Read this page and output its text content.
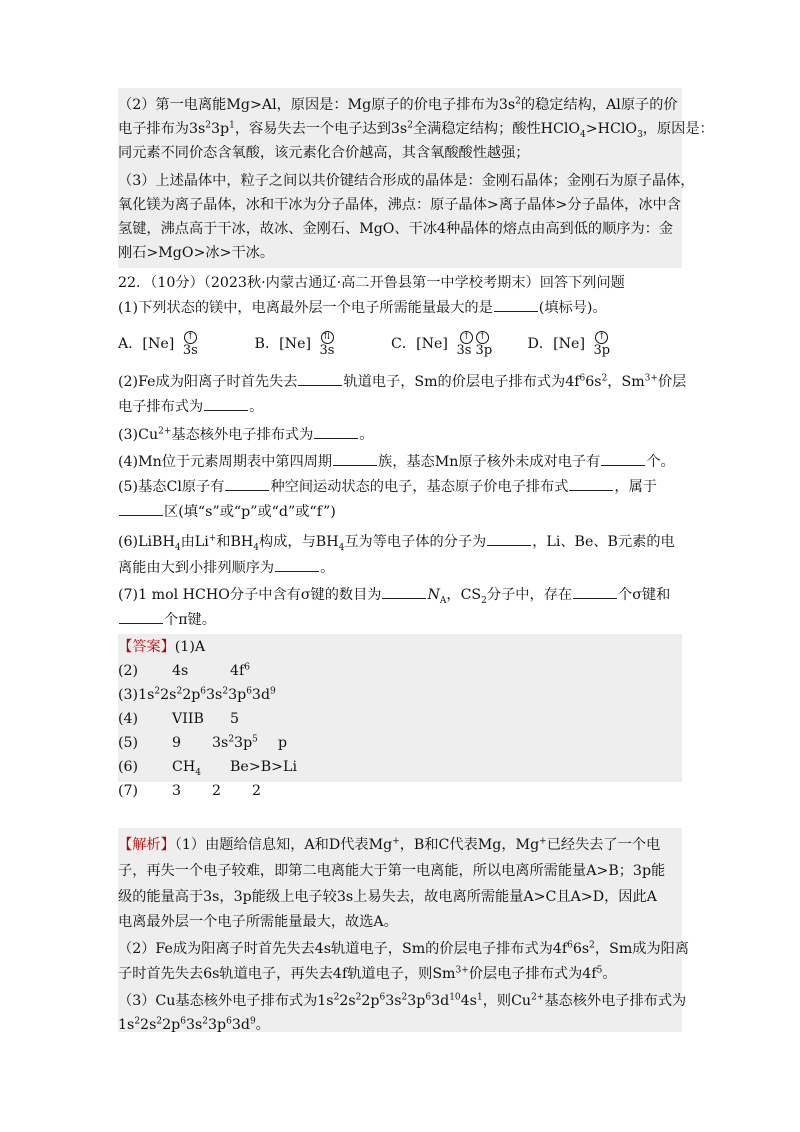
（2）第一电离能Mg>Al，原因是：Mg原子的价电子排布为$3s^2$的稳定结构，Al原子的价
电子排布为$3s^23p^1$，容易失去一个电子达到$3s^2$全满稳定结构；酸性HClO$_4$>HClO$_3$，原因是：
同元素不同价态含氧酸，该元素化合价越高，其含氧酸酸性越强；
（3）上述晶体中，粒子之间以共价键结合形成的晶体是：金刚石晶体；金刚石为原子晶体，
氧化镁为离子晶体，冰和干冰为分子晶体，沸点：原子晶体>离子晶体>分子晶体，冰中含
氢键，沸点高于干冰，故冰、金刚石、MgO、干冰4种晶体的熔点由高到低的顺序为：金
刚石>MgO>冰>干冰。
22．（10分）（2023秋·内蒙古通辽·高二开鲁县第一中学校考期末）回答下列问题
(1)下列状态的镁中，电离最外层一个电子所需能量最大的是	(填标号)。
A．[Ne]	↑
3s	B．[Ne]	⇅
3s	C．[Ne]	↑ ↑
3s 3p D．[Ne]	↑
3p
(2)Fe成为阳离子时首先失去	轨道电子，Sm的价层电子排布式为$4f^66s^2$，$Sm^{3+}$价层
电子排布式为	。
$(3)Cu^{2+}$基态核外电子排布式为	。
(4)Mn位于元素周期表中第四周期	族，基态Mn原子核外未成对电子有	个。
(5)基态Cl原子有	种空间运动状态的电子，基态原子价电子排布式	，属于
区(填“s”或“p”或“d”或“f”)
(6)LiBH$_4$由Li+和$BH_4$构成，与$BH_4$互为等电子体的分子为	，Li、Be、B元素的电
离能由大到小排列顺序为	。
(7)1 mol HCHO分子中含有σ键的数目为	$N_A$，$CS_2$分子中，存在	个σ键和
个π键。
【答案】(1)A
(2) 4s	$4f^6$
$(3)1s^22s^22p^63s^23p^63d^9$
(4) VIIB 5
(5) 9 $3s^23p^5$ p
(6) $CH_4$ Be>B>Li
(7) 3 2 2
【解析】（1）由题给信息知，A和D代表Mg+，B和C代表Mg，Mg+已经失去了一个电
子，再失一个电子较难，即第二电离能大于第一电离能，所以电离所需能量A>B；3p能
级的能量高于3s，3p能级上电子较3s上易失去，故电离所需能量A>C且A>D，因此A
电离最外层一个电子所需能量最大，故选A。
（2）Fe成为阳离子时首先失去4s轨道电子，Sm的价层电子排布式为$4f^66s^2$，Sm成为阳离
子时首先失去6s轨道电子，再失去4f轨道电子，则$Sm^{3+}$价层电子排布式为$4f^5$。
（3）Cu基态核外电子排布式为$1s^22s^22p^63s^23p^63d^{10}4s^1$，则$Cu^{2+}$基态核外电子排布式为
$1s^22s^22p^63s^23p^63d^9$。
